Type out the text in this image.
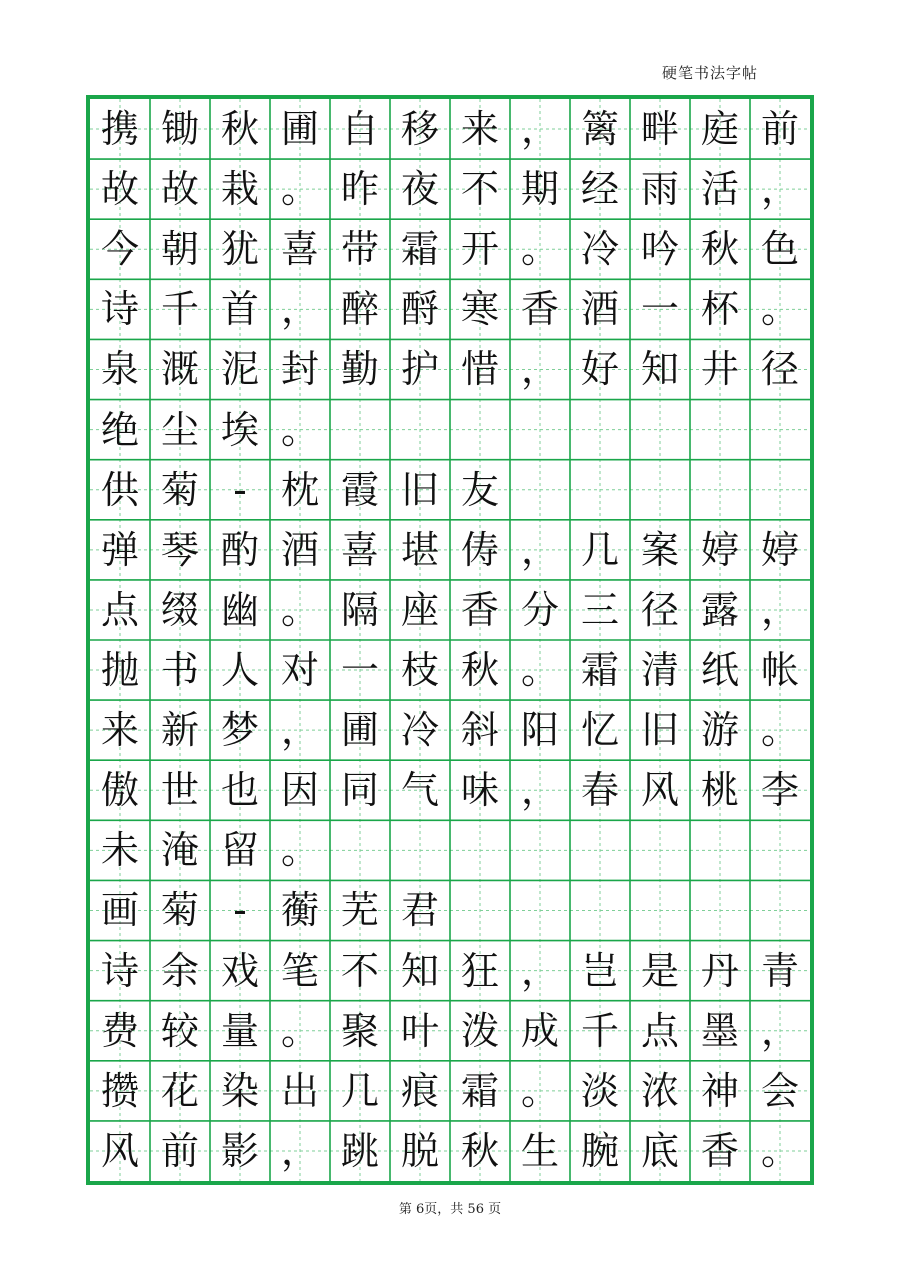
硬笔书法字帖
携 锄 秋 圃 自 移 来 ， 篱 畔 庭 前
故 故 栽 。 昨 夜 不 期 经 雨 活 ，
今 朝 犹 喜 带 霜 开 。 冷 吟 秋 色
诗 千 首 ， 醉 酹 寒 香 酒 一 杯 。
泉 溉 泥 封 勤 护 惜 ， 好 知 井 径
绝 尘 埃 。
供 菊 - 枕 霞 旧 友
弹 琴 酌 酒 喜 堪 俦 ， 几 案 婷 婷
点 缀 幽 。 隔 座 香 分 三 径 露 ，
抛 书 人 对 一 枝 秋 。 霜 清 纸 帐
来 新 梦 ， 圃 冷 斜 阳 忆 旧 游 。
傲 世 也 因 同 气 味 ， 春 风 桃 李
未 淹 留 。
画 菊 - 蘅 芜 君
诗 余 戏 笔 不 知 狂 ， 岂 是 丹 青
费 较 量 。 聚 叶 泼 成 千 点 墨 ，
攒 花 染 出 几 痕 霜 。 淡 浓 神 会
风 前 影 ， 跳 脱 秋 生 腕 底 香 。
第 6页，共 56 页
